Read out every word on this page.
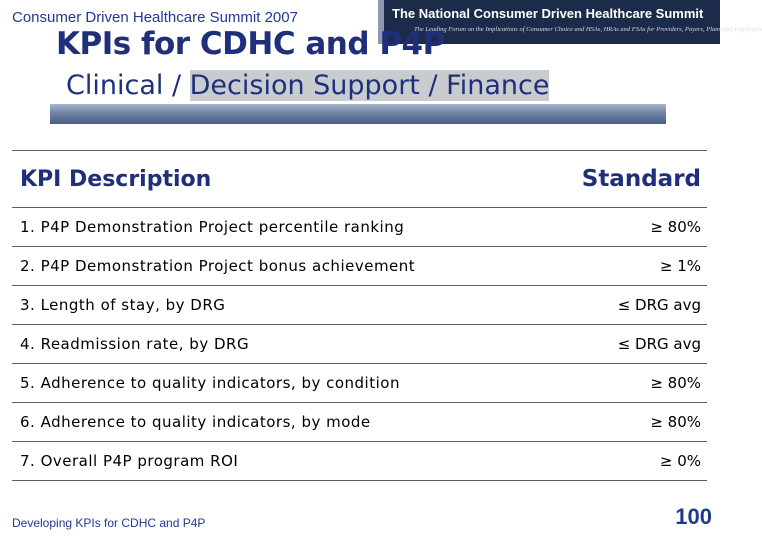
Consumer Driven Healthcare Summit 2007	The National Consumer Driven Healthcare Summit
The Leading Forum on the Implications of Consumer Choice and HSAs, HRAs and FSAs for Providers, Payers, Plans and Employers
KPIs for CDHC and P4P
Clinical / Decision Support / Finance
KPI Description	Standard
1. P4P Demonstration Project percentile ranking	≥ 80%
2. P4P Demonstration Project bonus achievement	≥ 1%
3. Length of stay, by DRG	≤ DRG avg
4. Readmission rate, by DRG	≤ DRG avg
5. Adherence to quality indicators, by condition	≥ 80%
6. Adherence to quality indicators, by mode	≥ 80%
7. Overall P4P program ROI	≥ 0%
Developing KPIs for CDHC and P4P	100
